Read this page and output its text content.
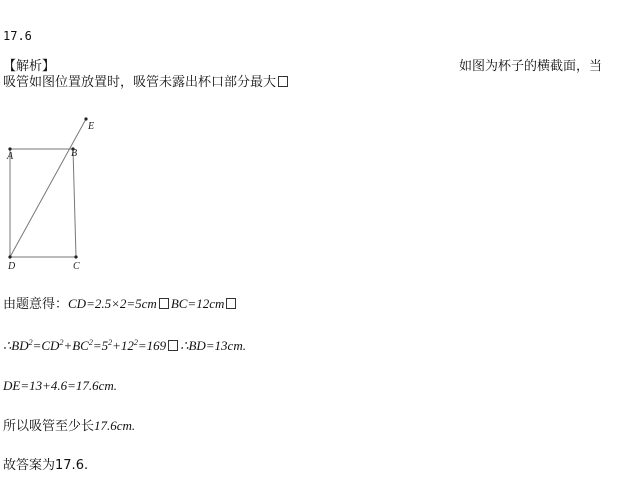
17.6
【解析】	如图为杯子的横截面，当
吸管如图位置放置时，吸管未露出杯口部分最大
A	B
C
D
E
由题意得：CD=2.5×2=5cm BC=12cm
$\therefore BD^2=CD^2+BC^2=5^2+12^2=169$ ∴BD=13cm.
DE=13+4.6=17.6cm.
所以吸管至少长17.6cm.
故答案为17.6.
